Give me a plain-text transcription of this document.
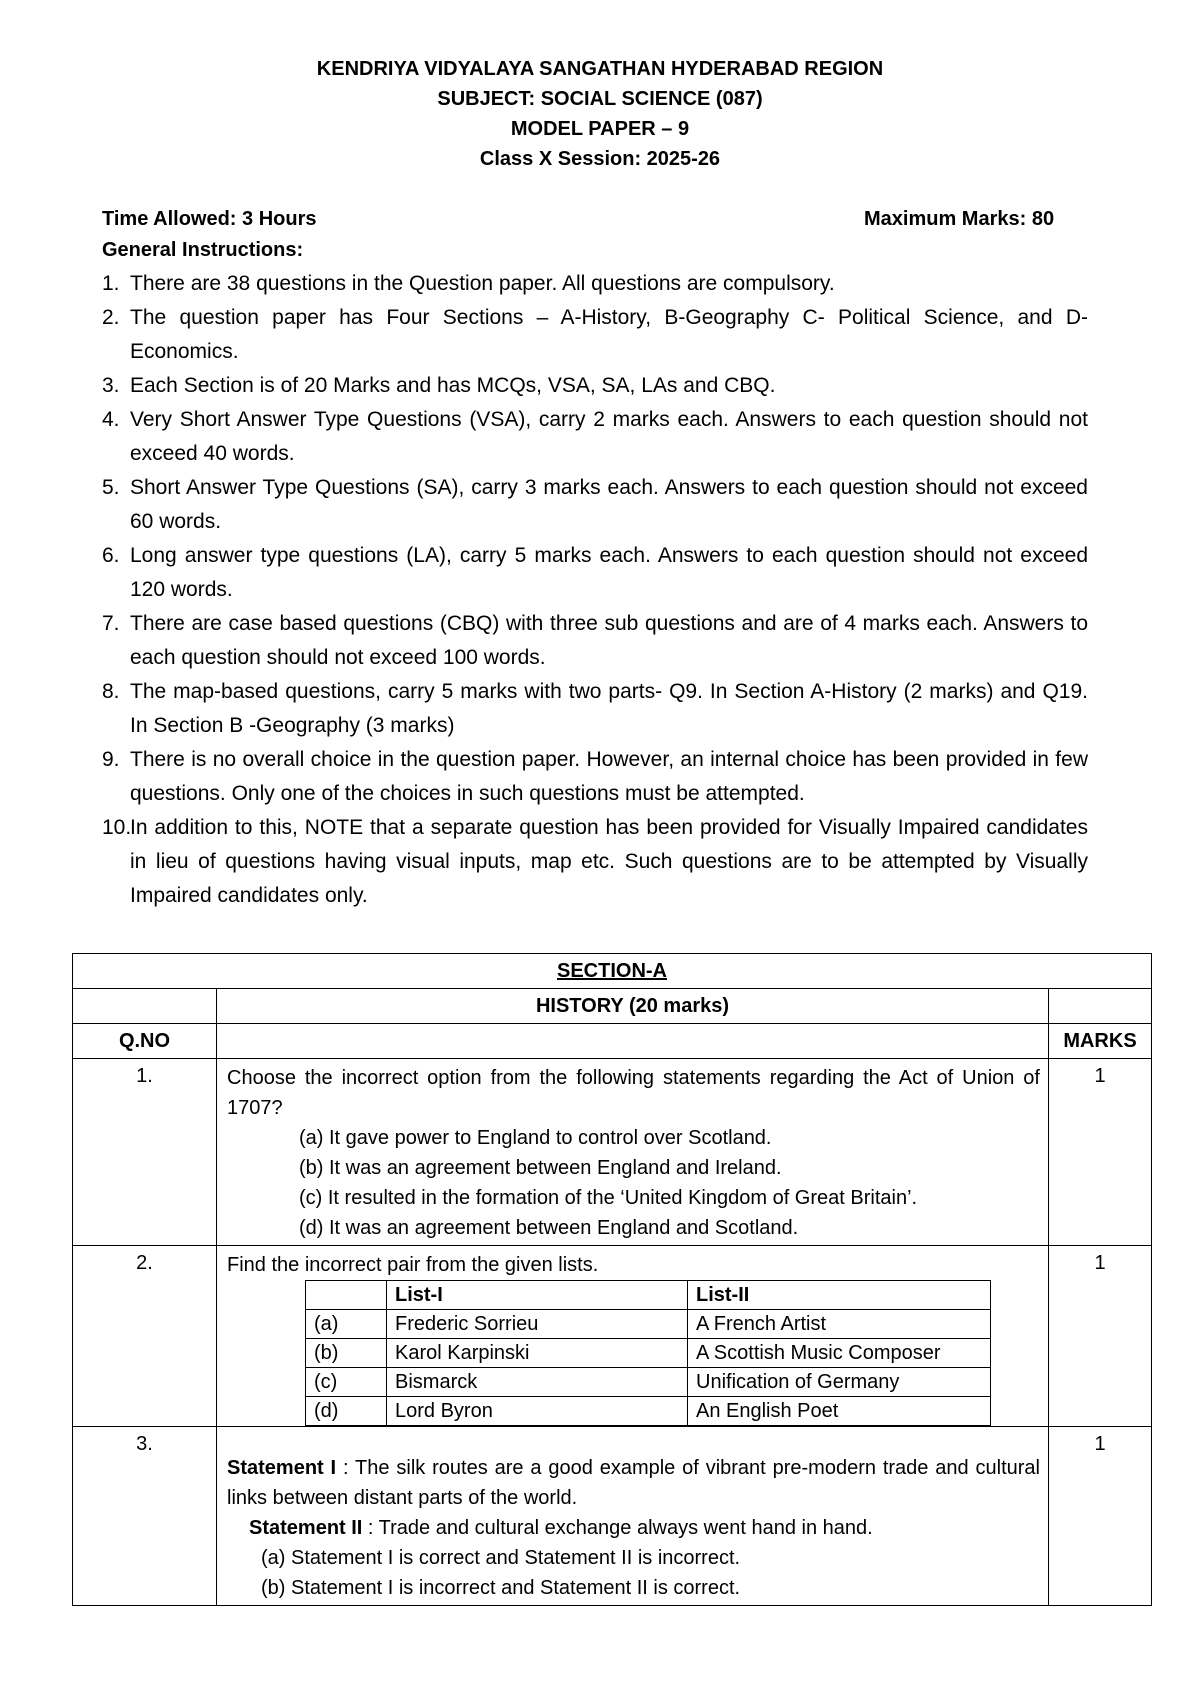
KENDRIYA VIDYALAYA SANGATHAN HYDERABAD REGION
SUBJECT: SOCIAL SCIENCE (087)
MODEL PAPER – 9
Class X Session: 2025-26
Time Allowed: 3 Hours	Maximum Marks: 80
General Instructions:

1. There are 38 questions in the Question paper. All questions are compulsory.

2. The question paper has Four Sections – A-History, B-Geography C- Political Science, and D-Economics.

3. Each Section is of 20 Marks and has MCQs, VSA, SA, LAs and CBQ.

4. Very Short Answer Type Questions (VSA), carry 2 marks each. Answers to each question should not exceed 40 words.

5. Short Answer Type Questions (SA), carry 3 marks each. Answers to each question should not exceed 60 words.

6. Long answer type questions (LA), carry 5 marks each. Answers to each question should not exceed 120 words.

7. There are case based questions (CBQ) with three sub questions and are of 4 marks each. Answers to each question should not exceed 100 words.

8. The map-based questions, carry 5 marks with two parts- Q9. In Section A-History (2 marks) and Q19. In Section B -Geography (3 marks)

9. There is no overall choice in the question paper. However, an internal choice has been provided in few questions. Only one of the choices in such questions must be attempted.

10.In addition to this, NOTE that a separate question has been provided for Visually Impaired candidates in lieu of questions having visual inputs, map etc. Such questions are to be attempted by Visually Impaired candidates only.

SECTION-A
	HISTORY (20 marks)	
Q.NO		MARKS
1.	Choose the incorrect option from the following statements regarding the Act of Union of 1707?
(a) It gave power to England to control over Scotland.
(b) It was an agreement between England and Ireland.
(c) It resulted in the formation of the ‘United Kingdom of Great Britain’.
(d) It was an agreement between England and Scotland.
	1
2.	Find the incorrect pair from the given lists.
	List-I	List-II
(a)	Frederic Sorrieu	A French Artist
(b)	Karol Karpinski	A Scottish Music Composer
(c)	Bismarck	Unification of Germany
(d)	Lord Byron	An English Poet
	1
3.	
Statement I : The silk routes are a good example of vibrant pre-modern trade and cultural links between distant parts of the world.
Statement II : Trade and cultural exchange always went hand in hand.
(a) Statement I is correct and Statement II is incorrect.
(b) Statement I is incorrect and Statement II is correct.
	1
